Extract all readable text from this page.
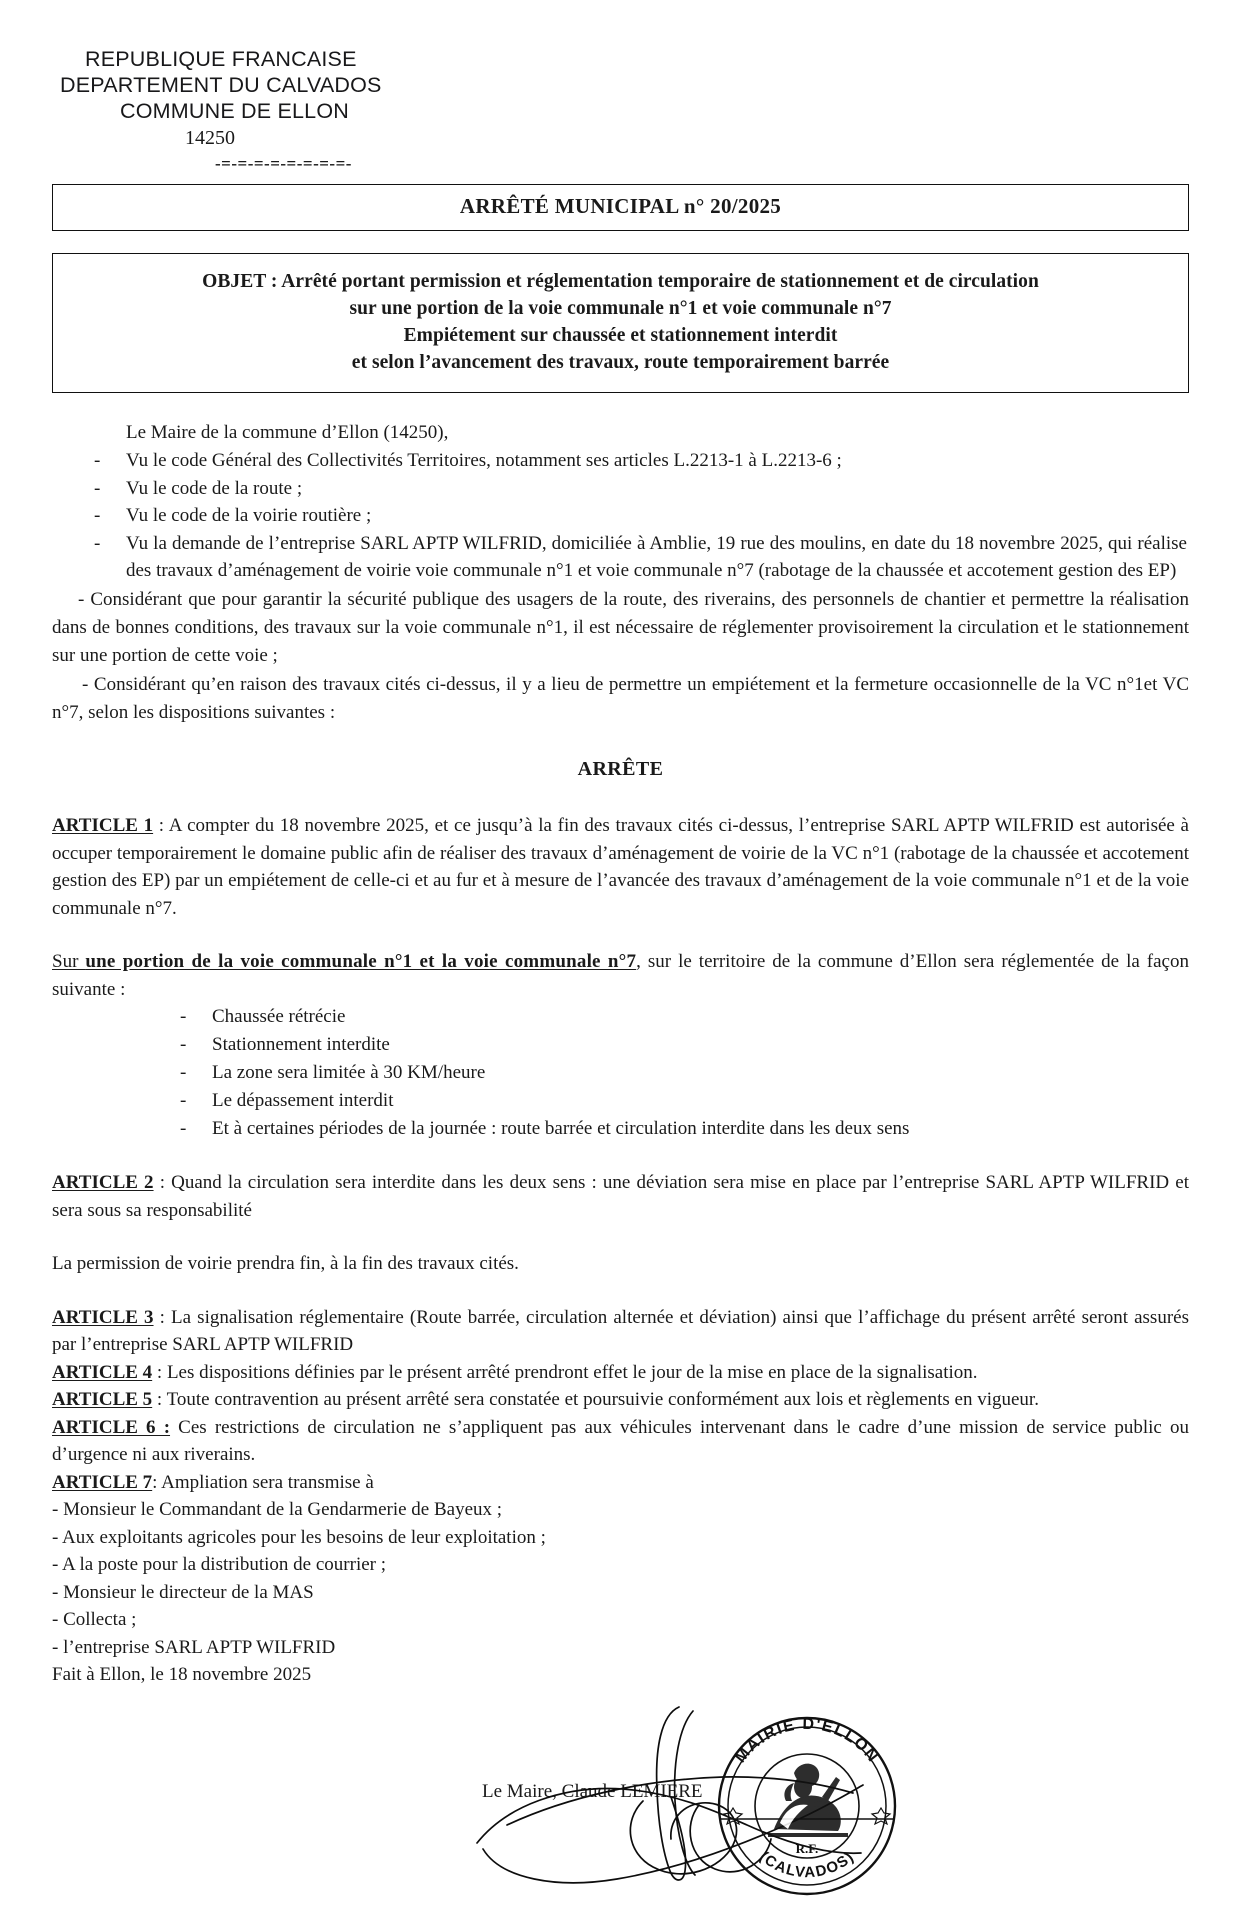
REPUBLIQUE FRANCAISE
DEPARTEMENT DU CALVADOS
COMMUNE DE ELLON
14250
-=-=-=-=-=-=-=-=-
ARRÊTÉ MUNICIPAL n° 20/2025
OBJET : Arrêté portant permission et réglementation temporaire de stationnement et de circulation
sur une portion de la voie communale n°1 et voie communale n°7
Empiétement sur chaussée et stationnement interdit
et selon l’avancement des travaux, route temporairement barrée

Le Maire de la commune d’Ellon (14250),

- Vu le code Général des Collectivités Territoires, notamment ses articles L.2213-1 à L.2213-6 ;
- Vu le code de la route ;
- Vu le code de la voirie routière ;
- Vu la demande de l’entreprise SARL APTP WILFRID, domiciliée à Amblie, 19 rue des moulins, en date du 18 novembre 2025, qui réalise des travaux d’aménagement de voirie voie communale n°1 et voie communale n°7 (rabotage de la chaussée et accotement gestion des EP)

- Considérant que pour garantir la sécurité publique des usagers de la route, des riverains, des personnels de chantier et permettre la réalisation dans de bonnes conditions, des travaux sur la voie communale n°1, il est nécessaire de réglementer provisoirement la circulation et le stationnement sur une portion de cette voie ;

- Considérant qu’en raison des travaux cités ci-dessus, il y a lieu de permettre un empiétement et la fermeture occasionnelle de la VC n°1et VC n°7, selon les dispositions suivantes :

ARRÊTE

ARTICLE 1 : A compter du 18 novembre 2025, et ce jusqu’à la fin des travaux cités ci-dessus, l’entreprise SARL APTP WILFRID est autorisée à occuper temporairement le domaine public afin de réaliser des travaux d’aménagement de voirie de la VC n°1 (rabotage de la chaussée et accotement gestion des EP) par un empiétement de celle-ci et au fur et à mesure de l’avancée des travaux d’aménagement de la voie communale n°1 et de la voie communale n°7.

Sur une portion de la voie communale n°1 et la voie communale n°7, sur le territoire de la commune d’Ellon sera réglementée de la façon suivante :

- Chaussée rétrécie
- Stationnement interdite
- La zone sera limitée à 30 KM/heure
- Le dépassement interdit
- Et à certaines périodes de la journée : route barrée et circulation interdite dans les deux sens

ARTICLE 2 : Quand la circulation sera interdite dans les deux sens : une déviation sera mise en place par l’entreprise SARL APTP WILFRID et sera sous sa responsabilité

La permission de voirie prendra fin, à la fin des travaux cités.

ARTICLE 3 : La signalisation réglementaire (Route barrée, circulation alternée et déviation) ainsi que l’affichage du présent arrêté seront assurés par l’entreprise SARL APTP WILFRID

ARTICLE 4 : Les dispositions définies par le présent arrêté prendront effet le jour de la mise en place de la signalisation.

ARTICLE 5 : Toute contravention au présent arrêté sera constatée et poursuivie conformément aux lois et règlements en vigueur.

ARTICLE 6 : Ces restrictions de circulation ne s’appliquent pas aux véhicules intervenant dans le cadre d’une mission de service public ou d’urgence ni aux riverains.

ARTICLE 7: Ampliation sera transmise à

- Monsieur le Commandant de la Gendarmerie de Bayeux ;

- Aux exploitants agricoles pour les besoins de leur exploitation ;

- A la poste pour la distribution de courrier ;

- Monsieur le directeur de la MAS

- Collecta ;

- l’entreprise SARL APTP WILFRID

Fait à Ellon, le 18 novembre 2025

Le Maire, Claude LEMIERE
MAIRIE D'ELLON
(CALVADOS)
R.F.
